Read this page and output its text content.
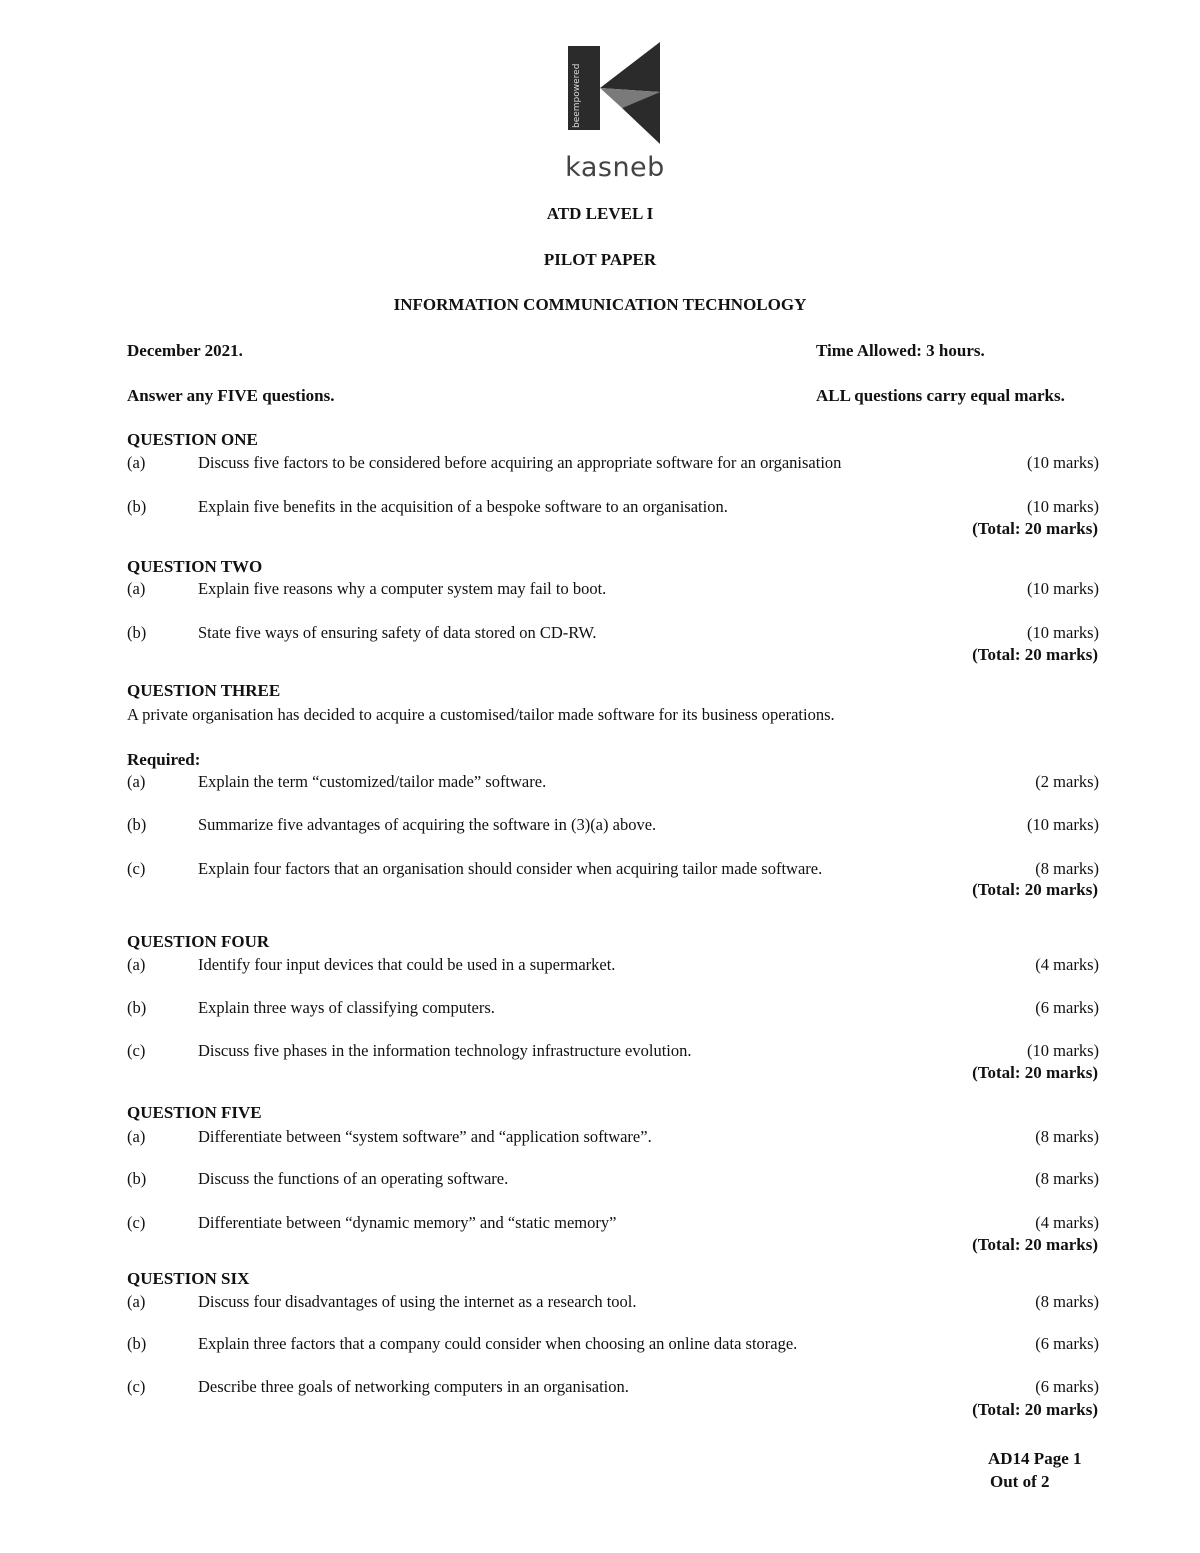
kasneb
beempowered
ATD LEVEL I
PILOT PAPER
INFORMATION COMMUNICATION TECHNOLOGY
December 2021.	Time Allowed: 3 hours.
Answer any FIVE questions.	ALL questions carry equal marks.
QUESTION ONE
(a)	Discuss five factors to be considered before acquiring an appropriate software for an organisation	(10 marks)
(b)	Explain five benefits in the acquisition of a bespoke software to an organisation.	(10 marks)
(Total: 20 marks)
QUESTION TWO
(a)	Explain five reasons why a computer system may fail to boot.	(10 marks)
(b)	State five ways of ensuring safety of data stored on CD-RW.	(10 marks)
(Total: 20 marks)
QUESTION THREE
A private organisation has decided to acquire a customised/tailor made software for its business operations.
Required:
(a)	Explain the term “customized/tailor made” software.	(2 marks)
(b)	Summarize five advantages of acquiring the software in (3)(a) above.	(10 marks)
(c)	Explain four factors that an organisation should consider when acquiring tailor made software.	(8 marks)
(Total: 20 marks)
QUESTION FOUR
(a)	Identify four input devices that could be used in a supermarket.	(4 marks)
(b)	Explain three ways of classifying computers.	(6 marks)
(c)	Discuss five phases in the information technology infrastructure evolution.	(10 marks)
(Total: 20 marks)
QUESTION FIVE
(a)	Differentiate between “system software” and “application software”.	(8 marks)
(b)	Discuss the functions of an operating software.	(8 marks)
(c)	Differentiate between “dynamic memory” and “static memory”	(4 marks)
(Total: 20 marks)
QUESTION SIX
(a)	Discuss four disadvantages of using the internet as a research tool.	(8 marks)
(b)	Explain three factors that a company could consider when choosing an online data storage.	(6 marks)
(c)	Describe three goals of networking computers in an organisation.	(6 marks)
(Total: 20 marks)
AD14 Page 1
Out of 2
